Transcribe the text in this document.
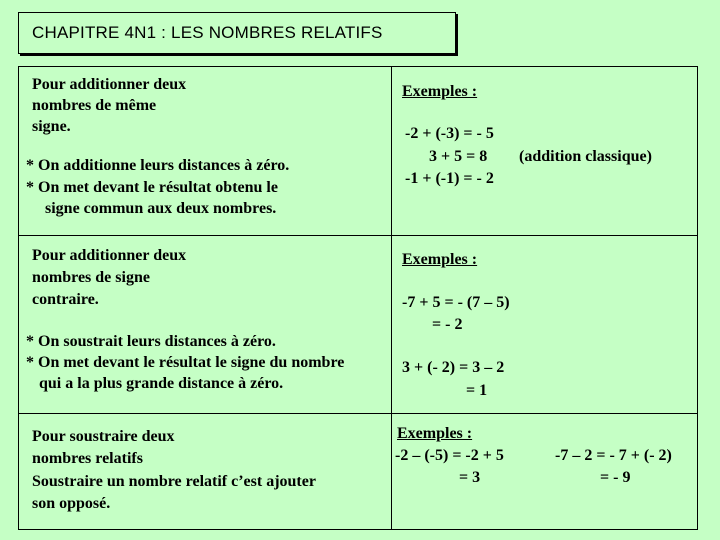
CHAPITRE 4N1 : LES NOMBRES RELATIFS
Pour additionner deux
nombres de même
signe.
* On additionne leurs distances à zéro.
* On met devant le résultat obtenu le
signe commun aux deux nombres.
Exemples :
-2 + (-3) = - 5
3 + 5 = 8 (addition classique)
-1 + (-1) = - 2
Pour additionner deux
nombres de signe
contraire.
* On soustrait leurs distances à zéro.
* On met devant le résultat le signe du nombre
qui a la plus grande distance à zéro.
Exemples :
-7 + 5 = - (7 – 5)
= - 2
3 + (- 2) = 3 – 2
= 1
Pour soustraire deux
nombres relatifs
Soustraire un nombre relatif c’est ajouter
son opposé.
Exemples :
-2 – (-5) = -2 + 5
= 3
-7 – 2 = - 7 + (- 2)
= - 9
